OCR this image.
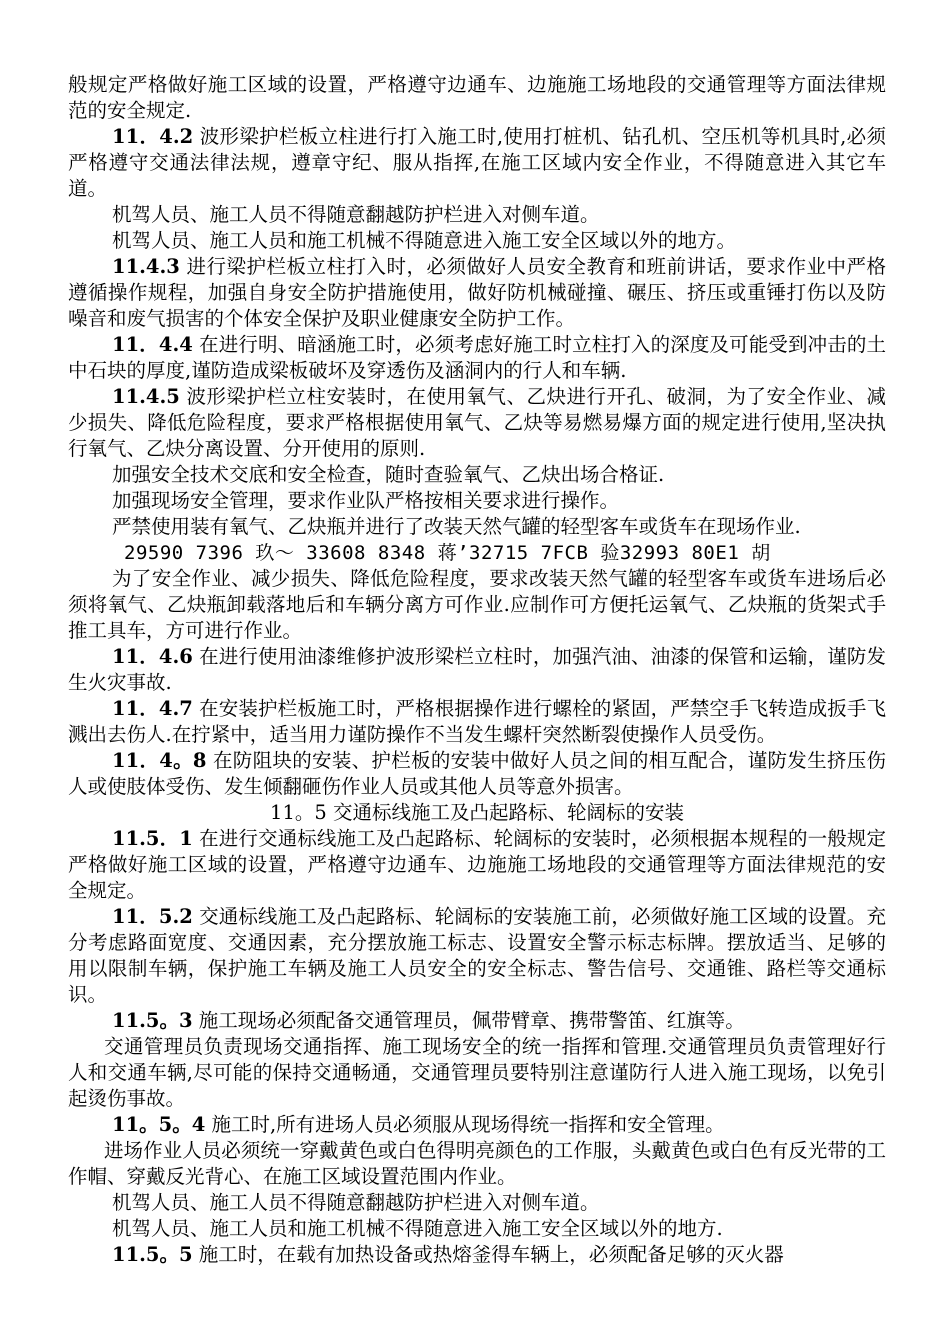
般规定严格做好施工区域的设置，严格遵守边通车、边施施工场地段的交通管理等方面法律规范的安全规定.

11．4.2 波形梁护栏板立柱进行打入施工时,使用打桩机、钻孔机、空压机等机具时,必须严格遵守交通法律法规，遵章守纪、服从指挥,在施工区域内安全作业，不得随意进入其它车道。

机驾人员、施工人员不得随意翻越防护栏进入对侧车道。

机驾人员、施工人员和施工机械不得随意进入施工安全区域以外的地方。

11.4.3 进行梁护栏板立柱打入时，必须做好人员安全教育和班前讲话，要求作业中严格遵循操作规程，加强自身安全防护措施使用，做好防机械碰撞、碾压、挤压或重锤打伤以及防噪音和废气损害的个体安全保护及职业健康安全防护工作。

11．4.4 在进行明、暗涵施工时，必须考虑好施工时立柱打入的深度及可能受到冲击的土中石块的厚度,谨防造成梁板破坏及穿透伤及涵洞内的行人和车辆.

11.4.5 波形梁护栏立柱安装时，在使用氧气、乙炔进行开孔、破洞，为了安全作业、减少损失、降低危险程度，要求严格根据使用氧气、乙炔等易燃易爆方面的规定进行使用,坚决执行氧气、乙炔分离设置、分开使用的原则.

加强安全技术交底和安全检查，随时查验氧气、乙炔出场合格证.

加强现场安全管理，要求作业队严格按相关要求进行操作。

严禁使用装有氧气、乙炔瓶并进行了改装天然气罐的轻型客车或货车在现场作业.

29590 7396 玖～ 33608 8348 蒋’32715 7FCB 验32993 80E1 胡

为了安全作业、减少损失、降低危险程度，要求改装天然气罐的轻型客车或货车进场后必须将氧气、乙炔瓶卸载落地后和车辆分离方可作业.应制作可方便托运氧气、乙炔瓶的货架式手推工具车，方可进行作业。

11．4.6 在进行使用油漆维修护波形梁栏立柱时，加强汽油、油漆的保管和运输，谨防发生火灾事故.

11．4.7 在安装护栏板施工时，严格根据操作进行螺栓的紧固，严禁空手飞转造成扳手飞溅出去伤人.在拧紧中，适当用力谨防操作不当发生螺杆突然断裂使操作人员受伤。

11．4。8 在防阻块的安装、护栏板的安装中做好人员之间的相互配合，谨防发生挤压伤人或使肢体受伤、发生倾翻砸伤作业人员或其他人员等意外损害。

11。5 交通标线施工及凸起路标、轮阔标的安装

11.5．1 在进行交通标线施工及凸起路标、轮阔标的安装时，必须根据本规程的一般规定严格做好施工区域的设置，严格遵守边通车、边施施工场地段的交通管理等方面法律规范的安全规定。

11．5.2 交通标线施工及凸起路标、轮阔标的安装施工前，必须做好施工区域的设置。充分考虑路面宽度、交通因素，充分摆放施工标志、设置安全警示标志标牌。摆放适当、足够的用以限制车辆，保护施工车辆及施工人员安全的安全标志、警告信号、交通锥、路栏等交通标识。

11.5。3 施工现场必须配备交通管理员，佩带臂章、携带警笛、红旗等。

交通管理员负责现场交通指挥、施工现场安全的统一指挥和管理.交通管理员负责管理好行人和交通车辆,尽可能的保持交通畅通，交通管理员要特别注意谨防行人进入施工现场，以免引起烫伤事故。

11。5。4 施工时,所有进场人员必须服从现场得统一指挥和安全管理。

进场作业人员必须统一穿戴黄色或白色得明亮颜色的工作服，头戴黄色或白色有反光带的工作帽、穿戴反光背心、在施工区域设置范围内作业。

机驾人员、施工人员不得随意翻越防护栏进入对侧车道。

机驾人员、施工人员和施工机械不得随意进入施工安全区域以外的地方.

11.5。5 施工时，在载有加热设备或热熔釜得车辆上，必须配备足够的灭火器
